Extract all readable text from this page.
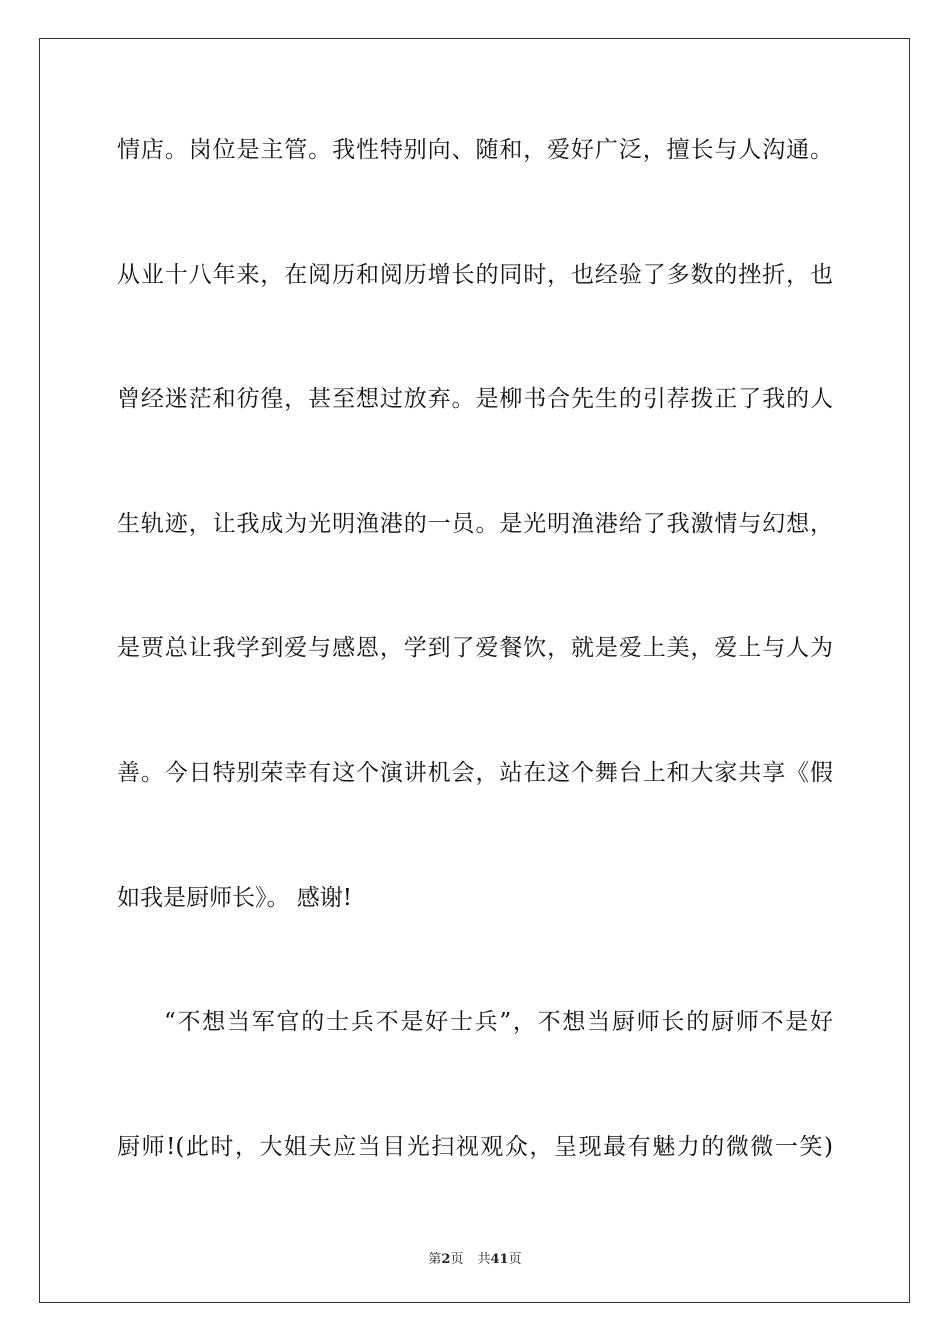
情店。岗位是主管。我性特别向、随和，爱好广泛，擅长与人沟通。

从业十八年来，在阅历和阅历增长的同时，也经验了多数的挫折，也

曾经迷茫和彷徨，甚至想过放弃。是柳书合先生的引荐拨正了我的人

生轨迹，让我成为光明渔港的一员。是光明渔港给了我激情与幻想，

是贾总让我学到爱与感恩，学到了爱餐饮，就是爱上美，爱上与人为

善。今日特别荣幸有这个演讲机会，站在这个舞台上和大家共享《假

如我是厨师长》。 感谢!

“不想当军官的士兵不是好士兵”，不想当厨师长的厨师不是好

厨师!(此时，大姐夫应当目光扫视观众，呈现最有魅力的微微一笑)

第2页 共41页
